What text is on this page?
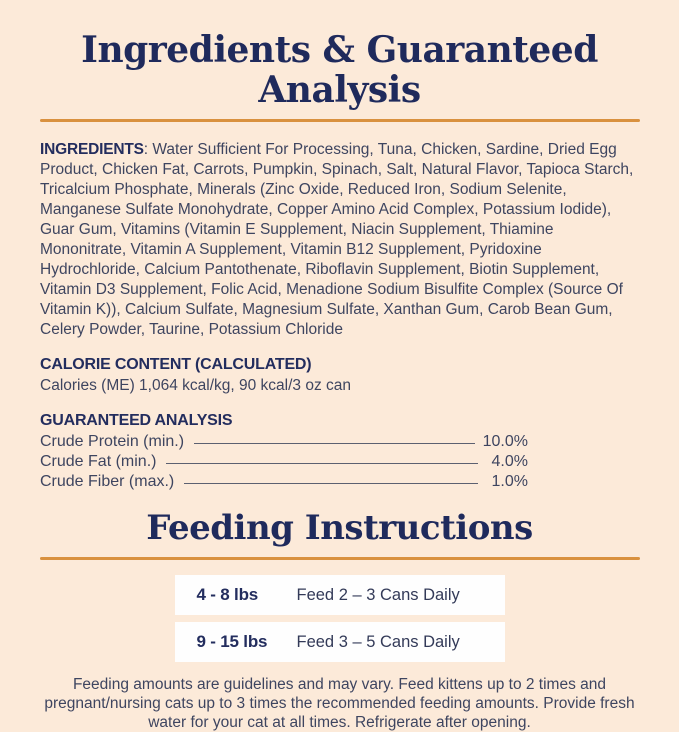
Ingredients & Guaranteed Analysis

INGREDIENTS: Water Sufficient For Processing, Tuna, Chicken, Sardine, Dried Egg Product, Chicken Fat, Carrots, Pumpkin, Spinach, Salt, Natural Flavor, Tapioca Starch, Tricalcium Phosphate, Minerals (Zinc Oxide, Reduced Iron, Sodium Selenite, Manganese Sulfate Monohydrate, Copper Amino Acid Complex, Potassium Iodide), Guar Gum, Vitamins (Vitamin E Supplement, Niacin Supplement, Thiamine Mononitrate, Vitamin A Supplement, Vitamin B12 Supplement, Pyridoxine Hydrochloride, Calcium Pantothenate, Riboflavin Supplement, Biotin Supplement, Vitamin D3 Supplement, Folic Acid, Menadione Sodium Bisulfite Complex (Source Of Vitamin K)), Calcium Sulfate, Magnesium Sulfate, Xanthan Gum, Carob Bean Gum, Celery Powder, Taurine, Potassium Chloride

CALORIE CONTENT (CALCULATED)

Calories (ME) 1,064 kcal/kg, 90 kcal/3 oz can

GUARANTEED ANALYSIS
Crude Protein (min.)	10.0%
Crude Fat (min.)	4.0%
Crude Fiber (max.)	1.0%
Feeding Instructions
4 - 8 lbs	Feed 2 – 3 Cans Daily
9 - 15 lbs	Feed 3 – 5 Cans Daily

Feeding amounts are guidelines and may vary. Feed kittens up to 2 times and pregnant/nursing cats up to 3 times the recommended feeding amounts. Provide fresh water for your cat at all times. Refrigerate after opening.
